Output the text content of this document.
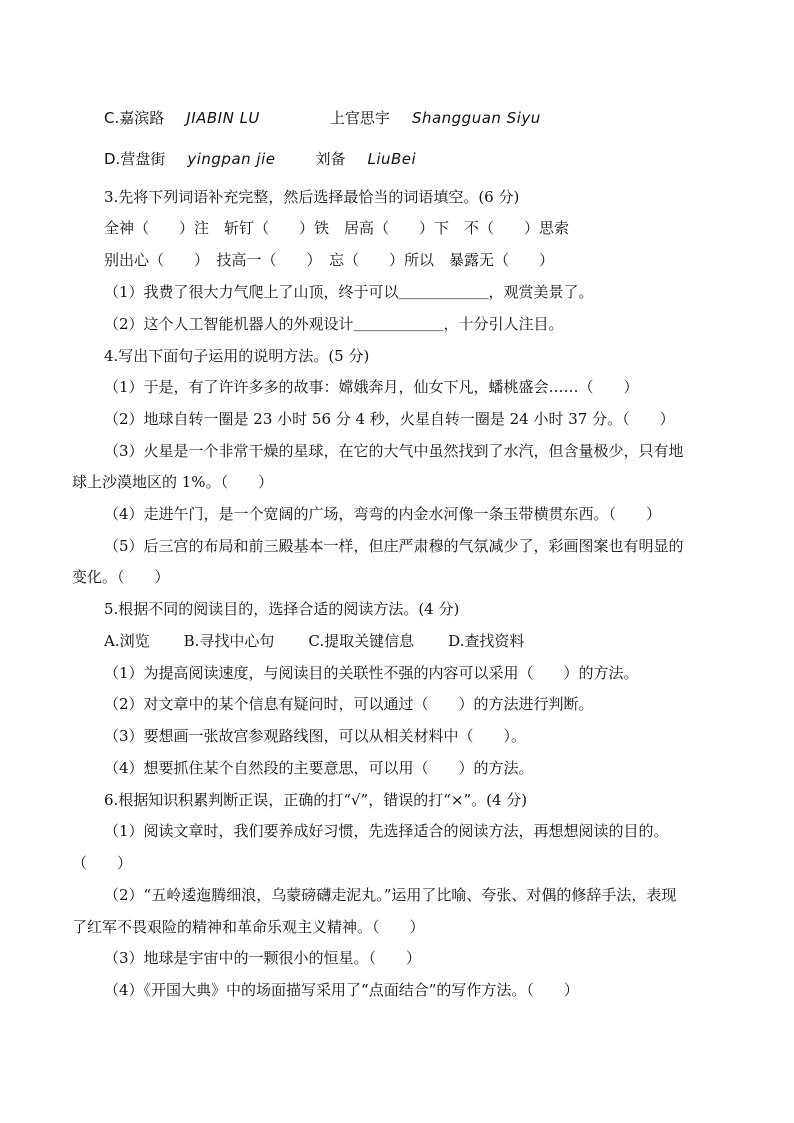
C.嘉滨路 JIABIN LU	上官思宇 Shangguan Siyu
D.营盘街 yingpan jie	刘备 LiuBei
3.先将下列词语补充完整，然后选择最恰当的词语填空。(6 分)
全神（　　）注　斩钉（　　）铁　居高（　　）下　不（　　）思索
别出心（　　）　技高一（　　）　忘（　　）所以　暴露无（　　）
（1）我费了很大力气爬上了山顶，终于可以＿＿＿＿＿＿，观赏美景了。
（2）这个人工智能机器人的外观设计＿＿＿＿＿＿，十分引人注目。
4.写出下面句子运用的说明方法。(5 分)
（1）于是，有了许许多多的故事：嫦娥奔月，仙女下凡，蟠桃盛会……（　　）
（2）地球自转一圈是 23 小时 56 分 4 秒，火星自转一圈是 24 小时 37 分。（　　）
（3）火星是一个非常干燥的星球，在它的大气中虽然找到了水汽，但含量极少，只有地
球上沙漠地区的 1%。（　　）
（4）走进午门，是一个宽阔的广场，弯弯的内金水河像一条玉带横贯东西。（　　）
（5）后三宫的布局和前三殿基本一样，但庄严肃穆的气氛减少了，彩画图案也有明显的
变化。（　　）
5.根据不同的阅读目的，选择合适的阅读方法。(4 分)
A.浏览 B.寻找中心句 C.提取关键信息 D.查找资料
（1）为提高阅读速度，与阅读目的关联性不强的内容可以采用（　　）的方法。
（2）对文章中的某个信息有疑问时，可以通过（　　）的方法进行判断。
（3）要想画一张故宫参观路线图，可以从相关材料中（　　）。
（4）想要抓住某个自然段的主要意思，可以用（　　）的方法。
6.根据知识积累判断正误，正确的打“√”，错误的打“×”。(4 分)
（1）阅读文章时，我们要养成好习惯，先选择适合的阅读方法，再想想阅读的目的。
（　　）
（2）“五岭逶迤腾细浪，乌蒙磅礴走泥丸。”运用了比喻、夸张、对偶的修辞手法，表现
了红军不畏艰险的精神和革命乐观主义精神。（　　）
（3）地球是宇宙中的一颗很小的恒星。（　　）
（4）《开国大典》中的场面描写采用了“点面结合”的写作方法。（　　）
